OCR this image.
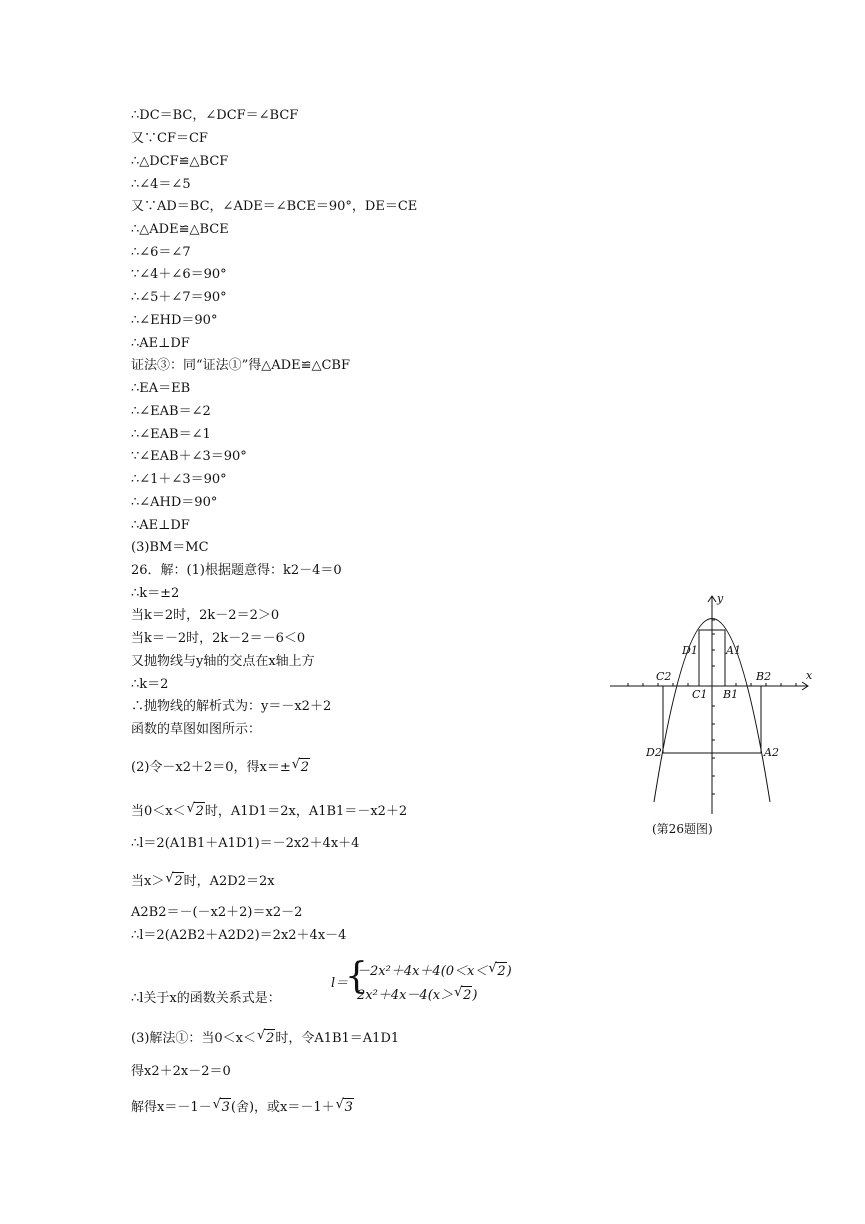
∴DC＝BC，∠DCF＝∠BCF
又∵CF＝CF
∴△DCF≌△BCF
∴∠4＝∠5
又∵AD＝BC，∠ADE＝∠BCE＝90°，DE＝CE
∴△ADE≌△BCE
∴∠6＝∠7
∵∠4＋∠6＝90°
∴∠5＋∠7＝90°
∴∠EHD＝90°
∴AE⊥DF
证法③：同“证法①”得△ADE≌△CBF
∴EA＝EB
∴∠EAB＝∠2
∴∠EAB＝∠1
∵∠EAB＋∠3＝90°
∴∠1＋∠3＝90°
∴∠AHD＝90°
∴AE⊥DF
(3)BM＝MC
26．解：(1)根据题意得：k2－4＝0
∴k＝±2
当k＝2时，2k－2＝2＞0
当k＝－2时，2k－2＝－6＜0
又抛物线与y轴的交点在x轴上方
∴k＝2
∴抛物线的解析式为：y＝－x2＋2
函数的草图如图所示：
(2)令－x2＋2＝0，得x＝± √ 2
当0＜x＜ √ 2时，A1D1＝2x，A1B1＝－x2＋2
∴l＝2(A1B1＋A1D1)＝－2x2＋4x＋4
当x＞ √ 2时，A2D2＝2x
A2B2＝－(－x2＋2)＝x2－2
∴l＝2(A2B2＋A2D2)＝2x2＋4x－4
∴l关于x的函数关系式是：
l＝
{
－2x²＋4x＋4(0＜x＜ √ 2)
2x²＋4x－4(x＞ √ 2)
(3)解法①：当0＜x＜ √ 2时，令A1B1＝A1D1
得x2＋2x－2＝0
解得x＝－1－ √ 3(舍)，或x＝－1＋ √ 3
x
y
D1	A1
C2
C1 B1
B2
D2	A2
(第26题图)
